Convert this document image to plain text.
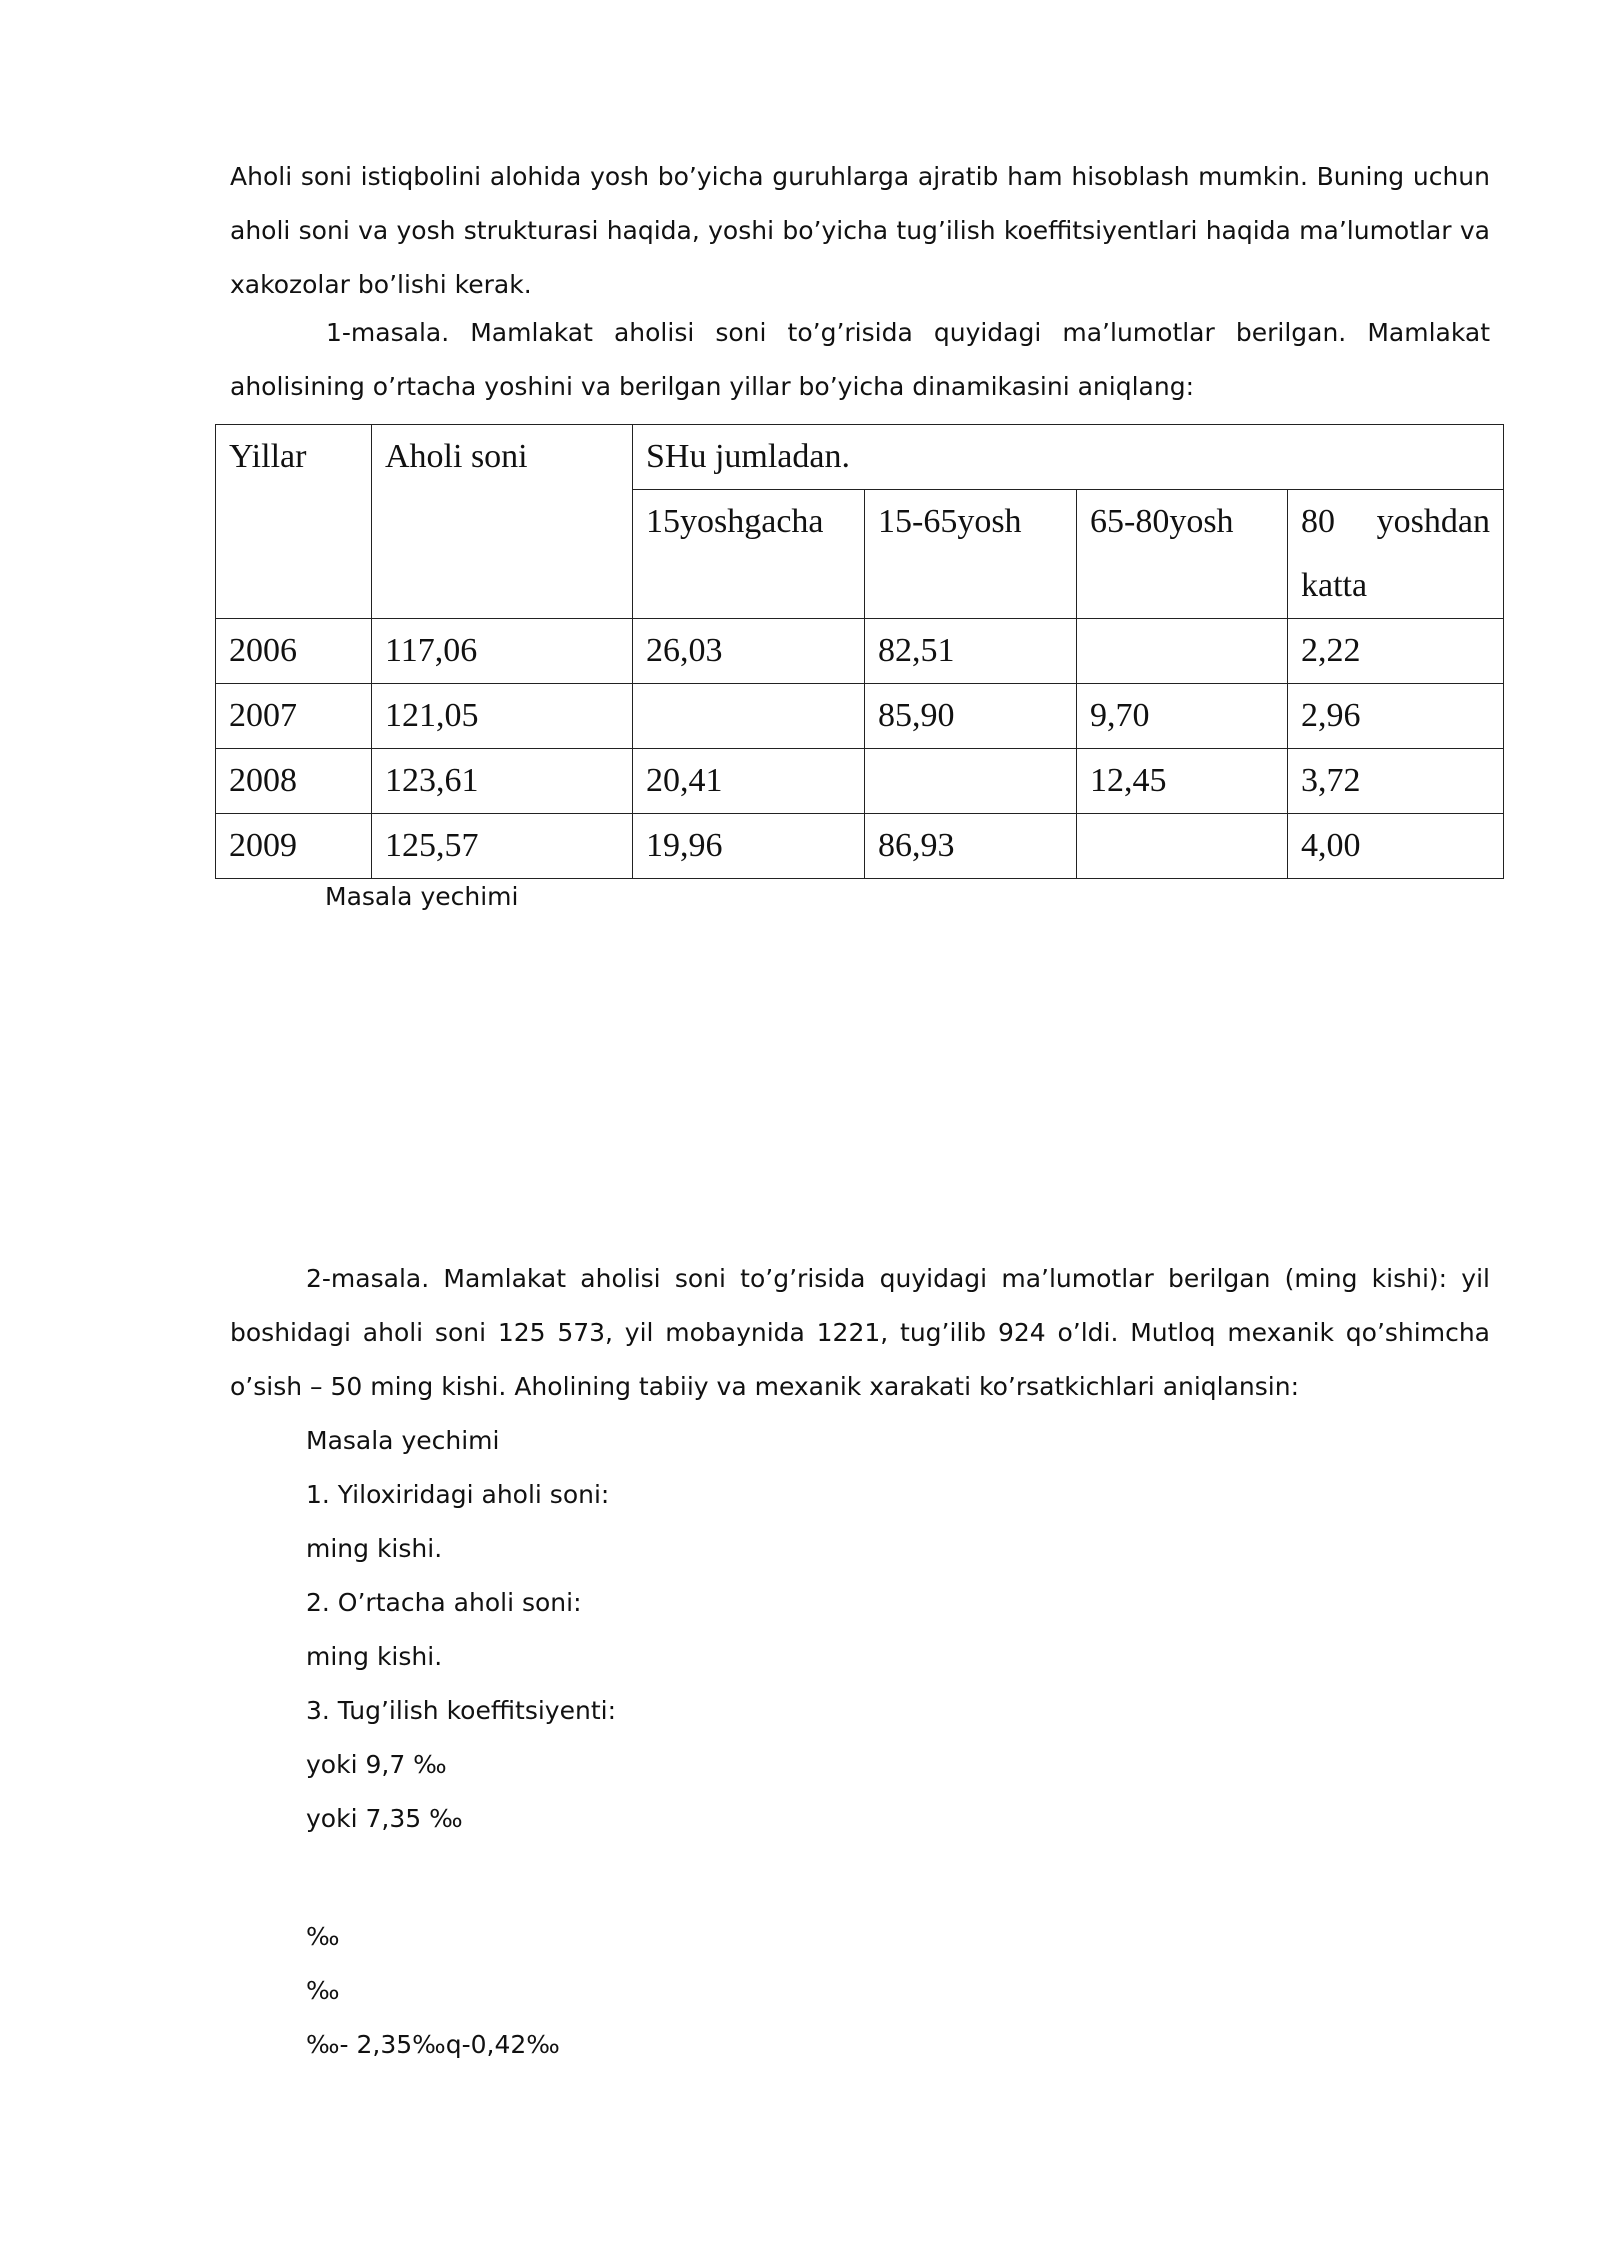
Aholi soni istiqbolini alohida yosh bo’yicha guruhlarga ajratib ham hisoblash mumkin. Buning uchun aholi soni va yosh strukturasi haqida, yoshi bo’yicha tug’ilish koeffitsiyentlari haqida ma’lumotlar va xakozolar bo’lishi kerak.

1-masala. Mamlakat aholisi soni to’g’risida quyidagi ma’lumotlar berilgan. Mamlakat aholisining o’rtacha yoshini va berilgan yillar bo’yicha dinamikasini aniqlang:

Yillar	Aholi soni	SHu jumladan.			
		15yoshgacha	15-65yosh	65-80yosh	80 yoshdan katta
2006	117,06	26,03	82,51		2,22
2007	121,05		85,90	9,70	2,96
2008	123,61	20,41		12,45	3,72
2009	125,57	19,96	86,93		4,00

Masala yechimi

2-masala. Mamlakat aholisi soni to’g’risida quyidagi ma’lumotlar berilgan (ming kishi): yil boshidagi aholi soni 125 573, yil mobaynida 1221, tug’ilib 924 o’ldi. Mutloq mexanik qo’shimcha o’sish – 50 ming kishi. Aholining tabiiy va mexanik xarakati ko’rsatkichlari aniqlansin:

Masala yechimi

1. Yiloxiridagi aholi soni:

ming kishi.

2. O’rtacha aholi soni:

ming kishi.

3. Tug’ilish koeffitsiyenti:

yoki 9,7 ‰

yoki 7,35 ‰

‰

‰

‰- 2,35‰q-0,42‰
